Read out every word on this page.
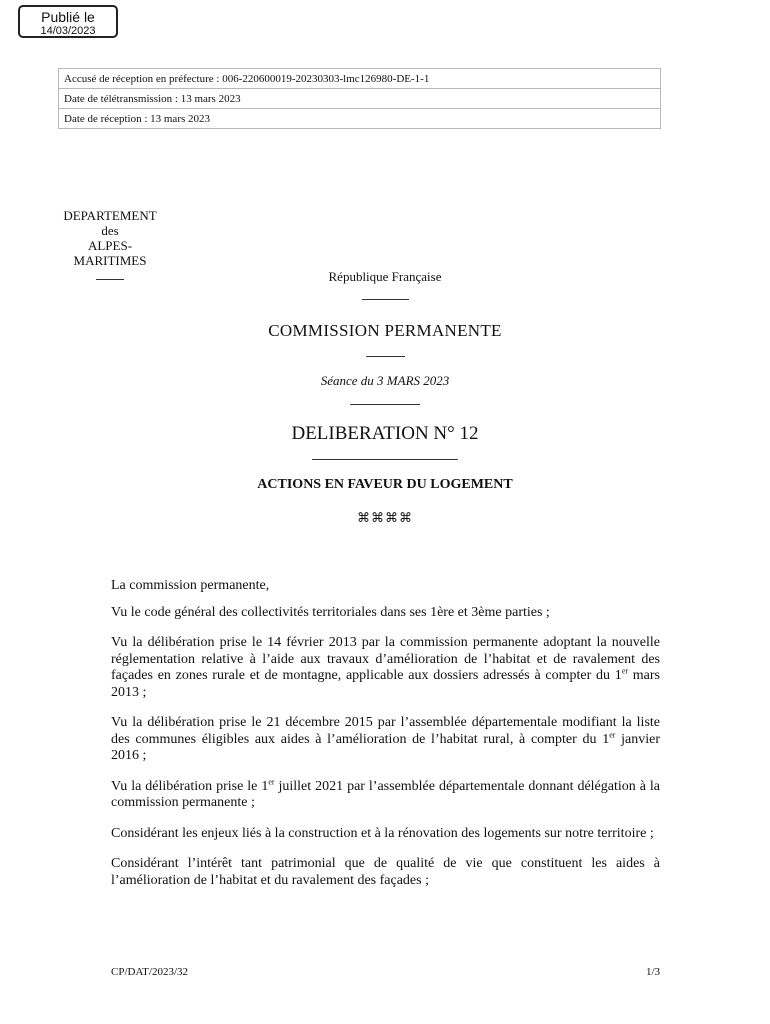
Publié le
14/03/2023
Accusé de réception en préfecture : 006-220600019-20230303-lmc126980-DE-1-1
Date de télétransmission : 13 mars 2023
Date de réception : 13 mars 2023
DEPARTEMENT
des
ALPES-MARITIMES
République Française
COMMISSION PERMANENTE
Séance du 3 MARS 2023
DELIBERATION N° 12
ACTIONS EN FAVEUR DU LOGEMENT
⌘⌘⌘⌘

La commission permanente,

Vu le code général des collectivités territoriales dans ses 1ère et 3ème parties ;

Vu la délibération prise le 14 février 2013 par la commission permanente adoptant la nouvelle réglementation relative à l’aide aux travaux d’amélioration de l’habitat et de ravalement des façades en zones rurale et de montagne, applicable aux dossiers adressés à compter du 1er mars 2013 ;

Vu la délibération prise le 21 décembre 2015 par l’assemblée départementale modifiant la liste des communes éligibles aux aides à l’amélioration de l’habitat rural, à compter du 1er janvier 2016 ;

Vu la délibération prise le 1er juillet 2021 par l’assemblée départementale donnant délégation à la commission permanente ;

Considérant les enjeux liés à la construction et à la rénovation des logements sur notre territoire ;

Considérant l’intérêt tant patrimonial que de qualité de vie que constituent les aides à l’amélioration de l’habitat et du ravalement des façades ;

CP/DAT/2023/32	1/3
